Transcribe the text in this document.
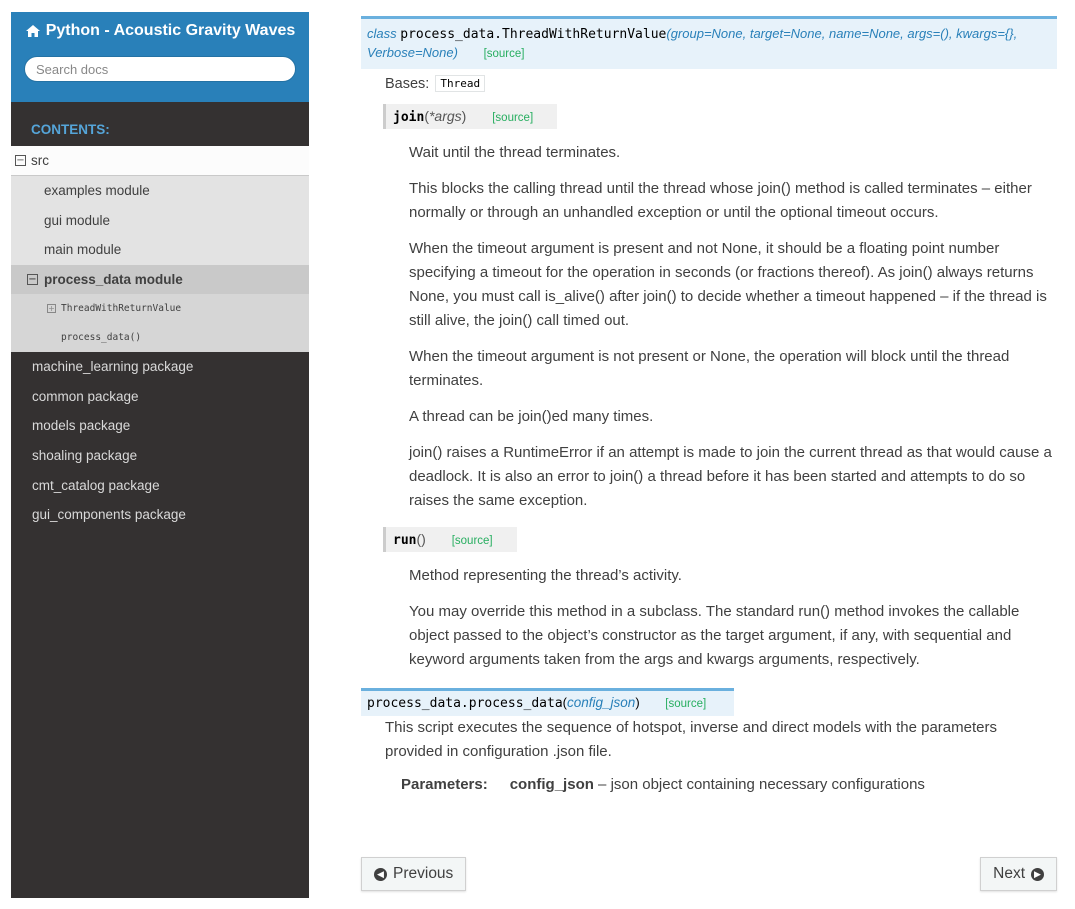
Python - Acoustic Gravity Waves
Search docs
CONTENTS:
− src
examples module
gui module
main module
− process_data module
+ ThreadWithReturnValue
process_data()
machine_learning package
common package
models package
shoaling package
cmt_catalog package
gui_components package
class process_data.ThreadWithReturnValue(group=None, target=None, name=None, args=(), kwargs={}, Verbose=None) [source]
Bases:	Thread
join(*args) [source]

Wait until the thread terminates.

This blocks the calling thread until the thread whose join() method is called terminates – either normally or through an unhandled exception or until the optional timeout occurs.

When the timeout argument is present and not None, it should be a floating point number specifying a timeout for the operation in seconds (or fractions thereof). As join() always returns None, you must call is_alive() after join() to decide whether a timeout happened – if the thread is still alive, the join() call timed out.

When the timeout argument is not present or None, the operation will block until the thread terminates.

A thread can be join()ed many times.

join() raises a RuntimeError if an attempt is made to join the current thread as that would cause a deadlock. It is also an error to join() a thread before it has been started and attempts to do so raises the same exception.

run() [source]

Method representing the thread’s activity.

You may override this method in a subclass. The standard run() method invokes the callable object passed to the object’s constructor as the target argument, if any, with sequential and keyword arguments taken from the args and kwargs arguments, respectively.

process_data.process_data(config_json) [source]

This script executes the sequence of hotspot, inverse and direct models with the parameters provided in configuration .json file.

Parameters: config_json – json object containing necessary configurations
◀ Previous	Next	▶
